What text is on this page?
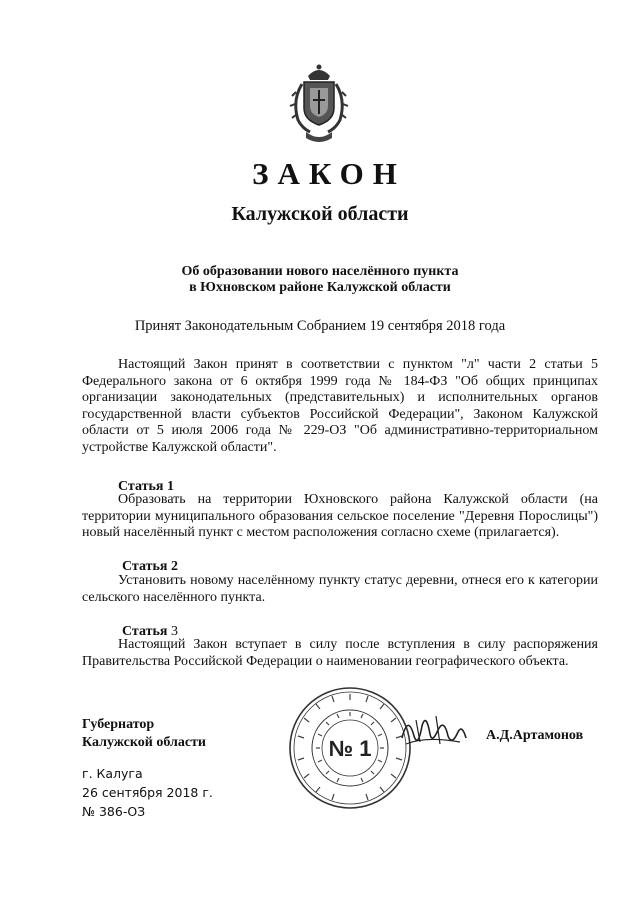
ЗАКОН
Калужской области
Об образовании нового населённого пункта
в Юхновском районе Калужской области
Принят Законодательным Собранием 19 сентября 2018 года
Настоящий Закон принят в соответствии с пунктом "л" части 2 статьи 5 Федерального закона от 6 октября 1999 года № 184-ФЗ "Об общих принципах организации законодательных (представительных) и исполнительных органов государственной власти субъектов Российской Федерации", Законом Калужской области от 5 июля 2006 года № 229-ОЗ "Об административно-территориальном устройстве Калужской области".
Статья 1
Образовать на территории Юхновского района Калужской области (на территории муниципального образования сельское поселение "Деревня Порослицы") новый населённый пункт с местом расположения согласно схеме (прилагается).
Статья 2
Установить новому населённому пункту статус деревни, отнеся его к категории сельского населённого пункта.
Статья 3
Настоящий Закон вступает в силу после вступления в силу распоряжения Правительства Российской Федерации о наименовании географического объекта.
Губернатор
Калужской области	№ 1
А.Д.Артамонов
г. Калуга
26 сентября 2018 г.
№ 386-ОЗ
